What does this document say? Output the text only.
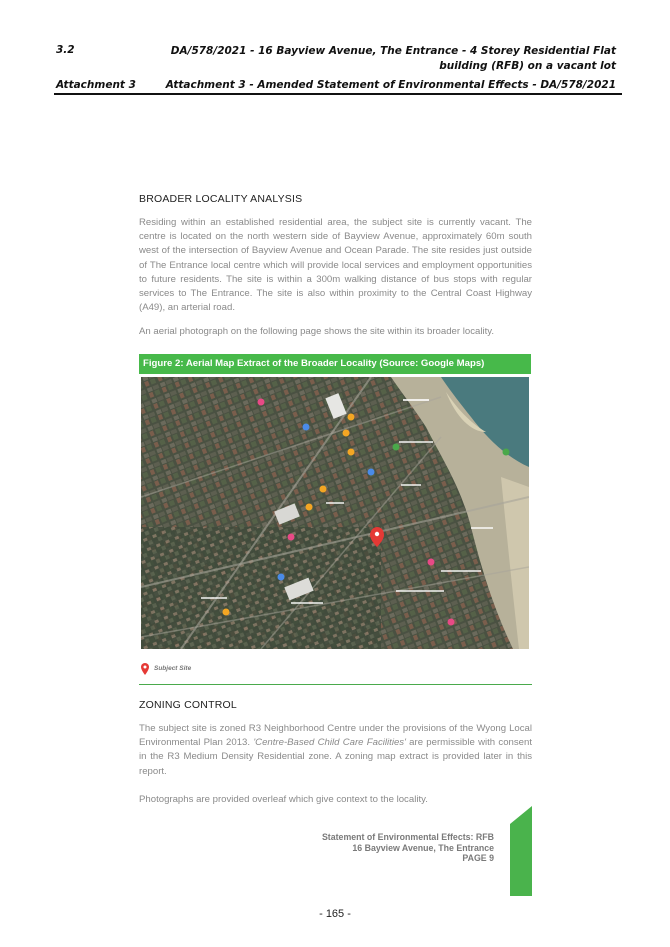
3.2	DA/578/2021 - 16 Bayview Avenue, The Entrance - 4 Storey Residential Flat building (RFB) on a vacant lot
Attachment 3	Attachment 3 - Amended Statement of Environmental Effects - DA/578/2021
BROADER LOCALITY ANALYSIS

Residing within an established residential area, the subject site is currently vacant. The centre is located on the north western side of Bayview Avenue, approximately 60m south west of the intersection of Bayview Avenue and Ocean Parade. The site resides just outside of The Entrance local centre which will provide local services and employment opportunities to future residents. The site is within a 300m walking distance of bus stops with regular services to The Entrance. The site is also within proximity to the Central Coast Highway (A49), an arterial road.

An aerial photograph on the following page shows the site within its broader locality.

Figure 2: Aerial Map Extract of the Broader Locality (Source: Google Maps)
Subject Site
ZONING CONTROL

The subject site is zoned R3 Neighborhood Centre under the provisions of the Wyong Local Environmental Plan 2013. 'Centre-Based Child Care Facilities' are permissible with consent in the R3 Medium Density Residential zone. A zoning map extract is provided later in this report.

Photographs are provided overleaf which give context to the locality.

Statement of Environmental Effects: RFB
16 Bayview Avenue, The Entrance
PAGE 9
- 165 -
